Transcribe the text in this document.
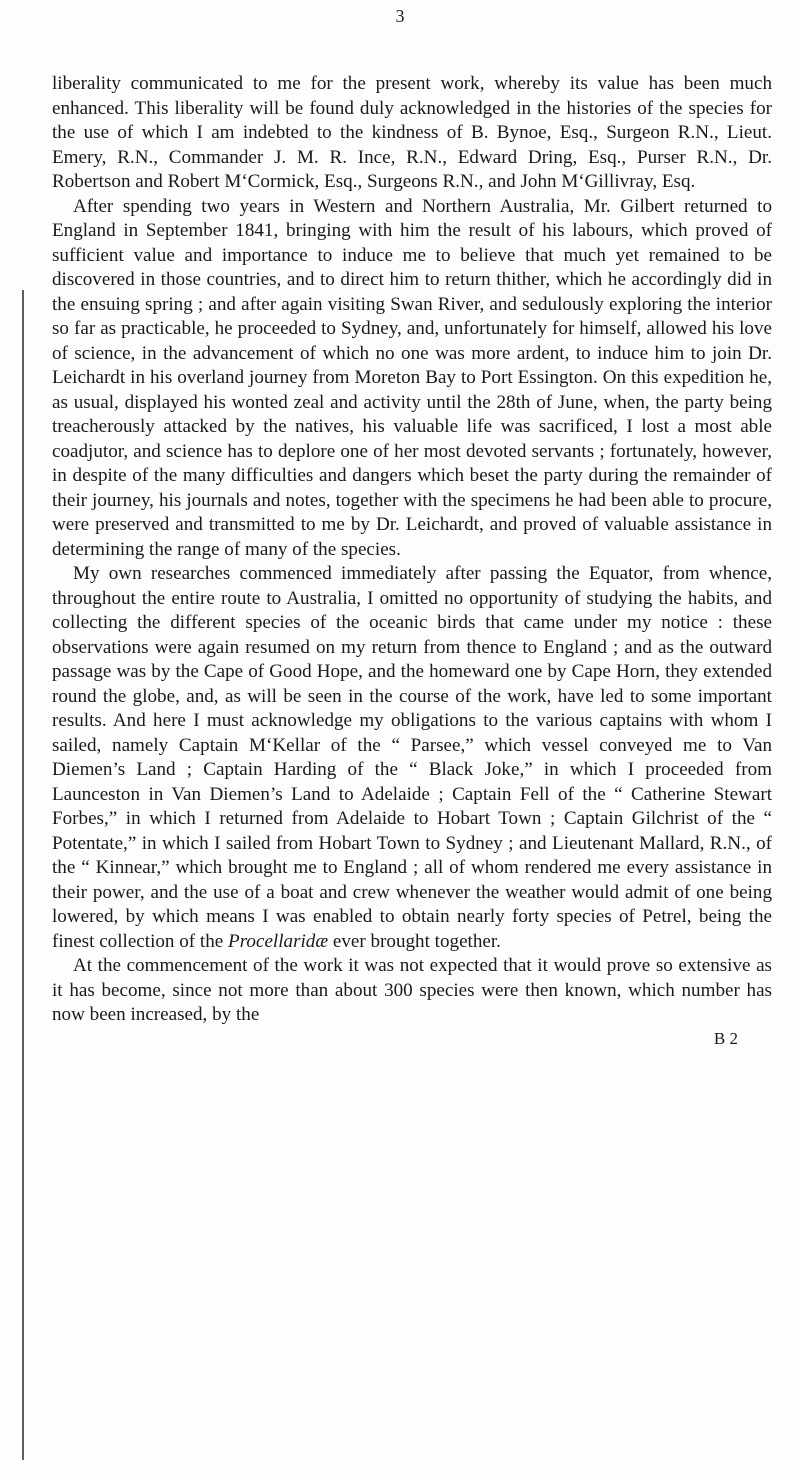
3

liberality communicated to me for the present work, whereby its value has been much enhanced. This liberality will be found duly acknowledged in the histories of the species for the use of which I am indebted to the kindness of B. Bynoe, Esq., Surgeon R.N., Lieut. Emery, R.N., Commander J. M. R. Ince, R.N., Edward Dring, Esq., Purser R.N., Dr. Robertson and Robert M‘Cormick, Esq., Surgeons R.N., and John M‘Gillivray, Esq.

After spending two years in Western and Northern Australia, Mr. Gilbert returned to England in September 1841, bringing with him the result of his labours, which proved of sufficient value and importance to induce me to believe that much yet remained to be discovered in those countries, and to direct him to return thither, which he accordingly did in the ensuing spring ; and after again visiting Swan River, and sedulously exploring the interior so far as practicable, he proceeded to Sydney, and, unfortunately for himself, allowed his love of science, in the advancement of which no one was more ardent, to induce him to join Dr. Leichardt in his overland journey from Moreton Bay to Port Essington. On this expedition he, as usual, displayed his wonted zeal and activity until the 28th of June, when, the party being treacherously attacked by the natives, his valuable life was sacrificed, I lost a most able coadjutor, and science has to deplore one of her most devoted servants ; fortunately, however, in despite of the many difficulties and dangers which beset the party during the remainder of their journey, his journals and notes, together with the specimens he had been able to procure, were preserved and transmitted to me by Dr. Leichardt, and proved of valuable assistance in determining the range of many of the species.

My own researches commenced immediately after passing the Equator, from whence, throughout the entire route to Australia, I omitted no opportunity of studying the habits, and collecting the different species of the oceanic birds that came under my notice : these observations were again resumed on my return from thence to England ; and as the outward passage was by the Cape of Good Hope, and the homeward one by Cape Horn, they extended round the globe, and, as will be seen in the course of the work, have led to some important results. And here I must acknowledge my obligations to the various captains with whom I sailed, namely Captain M‘Kellar of the “ Parsee,” which vessel conveyed me to Van Diemen’s Land ; Captain Harding of the “ Black Joke,” in which I proceeded from Launceston in Van Diemen’s Land to Adelaide ; Captain Fell of the “ Catherine Stewart Forbes,” in which I returned from Adelaide to Hobart Town ; Captain Gilchrist of the “ Potentate,” in which I sailed from Hobart Town to Sydney ; and Lieutenant Mallard, R.N., of the “ Kinnear,” which brought me to England ; all of whom rendered me every assistance in their power, and the use of a boat and crew whenever the weather would admit of one being lowered, by which means I was enabled to obtain nearly forty species of Petrel, being the finest collection of the Procellaridæ ever brought together.

At the commencement of the work it was not expected that it would prove so extensive as it has become, since not more than about 300 species were then known, which number has now been increased, by the

B 2
